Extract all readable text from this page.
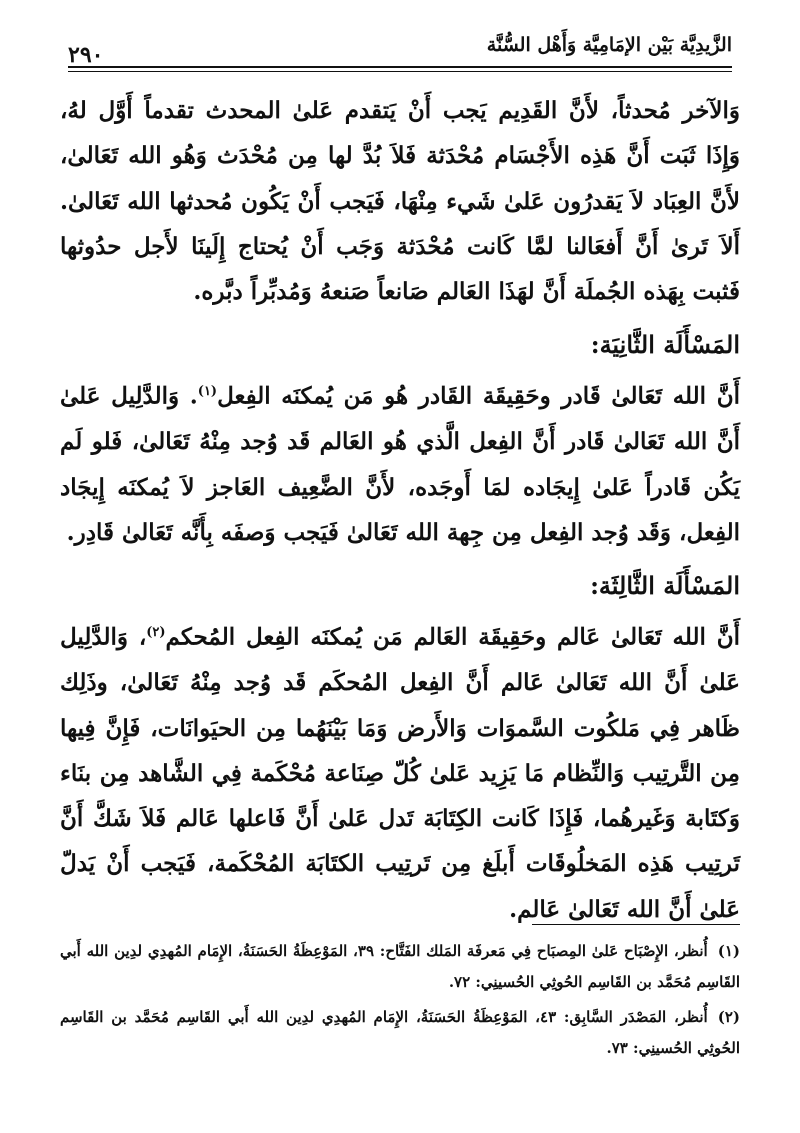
الزَّيدِيَّة بَيْن الإمَامِيَّة وَأَهْل السُّنَّة
٢٩٠

وَالآخر مُحدثاً، لأَنَّ القَدِيم يَجب أَنْ يَتقدم عَلىٰ المحدث تقدماً أَوَّل لهُ، وَإِذَا ثَبَت أَنَّ هَذِه الأَجْسَام مُحْدَثة فَلاَ بُدَّ لها مِن مُحْدَث وَهُو الله تَعَالىٰ، لأَنَّ العِبَاد لاَ يَقدرُون عَلىٰ شَيء مِنْهَا، فَيَجب أَنْ يَكُون مُحدثها الله تَعَالىٰ. أَلاَ تَرىٰ أَنَّ أَفعَالنا لمَّا كَانت مُحْدَثة وَجَب أَنْ يُحتاج إِلَينَا لأَجل حدُوثها فَثبت بِهَذه الجُملَة أَنَّ لهَذَا العَالم صَانعاً صَنعهُ وَمُدبِّراً دبَّره.

المَسْأَلَة الثَّانِيَة:

أَنَّ الله تَعَالىٰ قَادر وحَقِيقَة القَادر هُو مَن يُمكنَه الفِعل$^{(١)}$. وَالدَّلِيل عَلىٰ أَنَّ الله تَعَالىٰ قَادر أَنَّ الفِعل الَّذي هُو العَالم قَد وُجد مِنْهُ تَعَالىٰ، فَلو لَم يَكُن قَادراً عَلىٰ إِيجَاده لمَا أَوجَده، لأَنَّ الضَّعِيف العَاجز لاَ يُمكنَه إِيجَاد الفِعل، وَقَد وُجد الفِعل مِن جِهة الله تَعَالىٰ فَيَجب وَصفَه بِأَنَّه تَعَالىٰ قَادِر.

المَسْأَلَة الثَّالِثَة:

أَنَّ الله تَعَالىٰ عَالم وحَقِيقَة العَالم مَن يُمكنَه الفِعل المُحكم$^{(٢)}$، وَالدَّلِيل عَلىٰ أَنَّ الله تَعَالىٰ عَالم أَنَّ الفِعل المُحكَم قَد وُجد مِنْهُ تَعَالىٰ، وذَلِك ظَاهر فِي مَلكُوت السَّموَات وَالأَرض وَمَا بَيْنَهُما مِن الحيَوانَات، فَإِنَّ فِيها مِن التَّرتِيب وَالنِّظام مَا يَزِيد عَلىٰ كُلّ صِنَاعة مُحْكَمة فِي الشَّاهد مِن بنَاء وَكتَابة وَغَيرهُما، فَإِذَا كَانت الكِتَابَة تَدل عَلىٰ أَنَّ فَاعلها عَالم فَلاَ شَكَّ أَنَّ تَرتِيب هَذِه المَخلُوقَات أَبلَغ مِن تَرتِيب الكتَابَة المُحْكَمة، فَيَجب أَنْ يَدلّ عَلىٰ أَنَّ الله تَعَالىٰ عَالم.

(١)أُنظر، الإِصْبَاح عَلىٰ المِصبَاح فِي مَعرفَة المَلك الفَتَّاح: ٣٩، المَوْعِظَةُ الحَسَنَةُ، الإِمَام المُهدِي لدِين الله أَبي القَاسِم مُحَمَّد بن القَاسِم الحُوثِي الحُسينِي: ٧٢.

(٢)أُنظر، المَصْدَر السَّابِق: ٤٣، المَوْعِظَةُ الحَسَنَةُ، الإِمَام المُهدِي لدِين الله أَبي القَاسِم مُحَمَّد بن القَاسِم الحُوثِي الحُسينِي: ٧٣.
